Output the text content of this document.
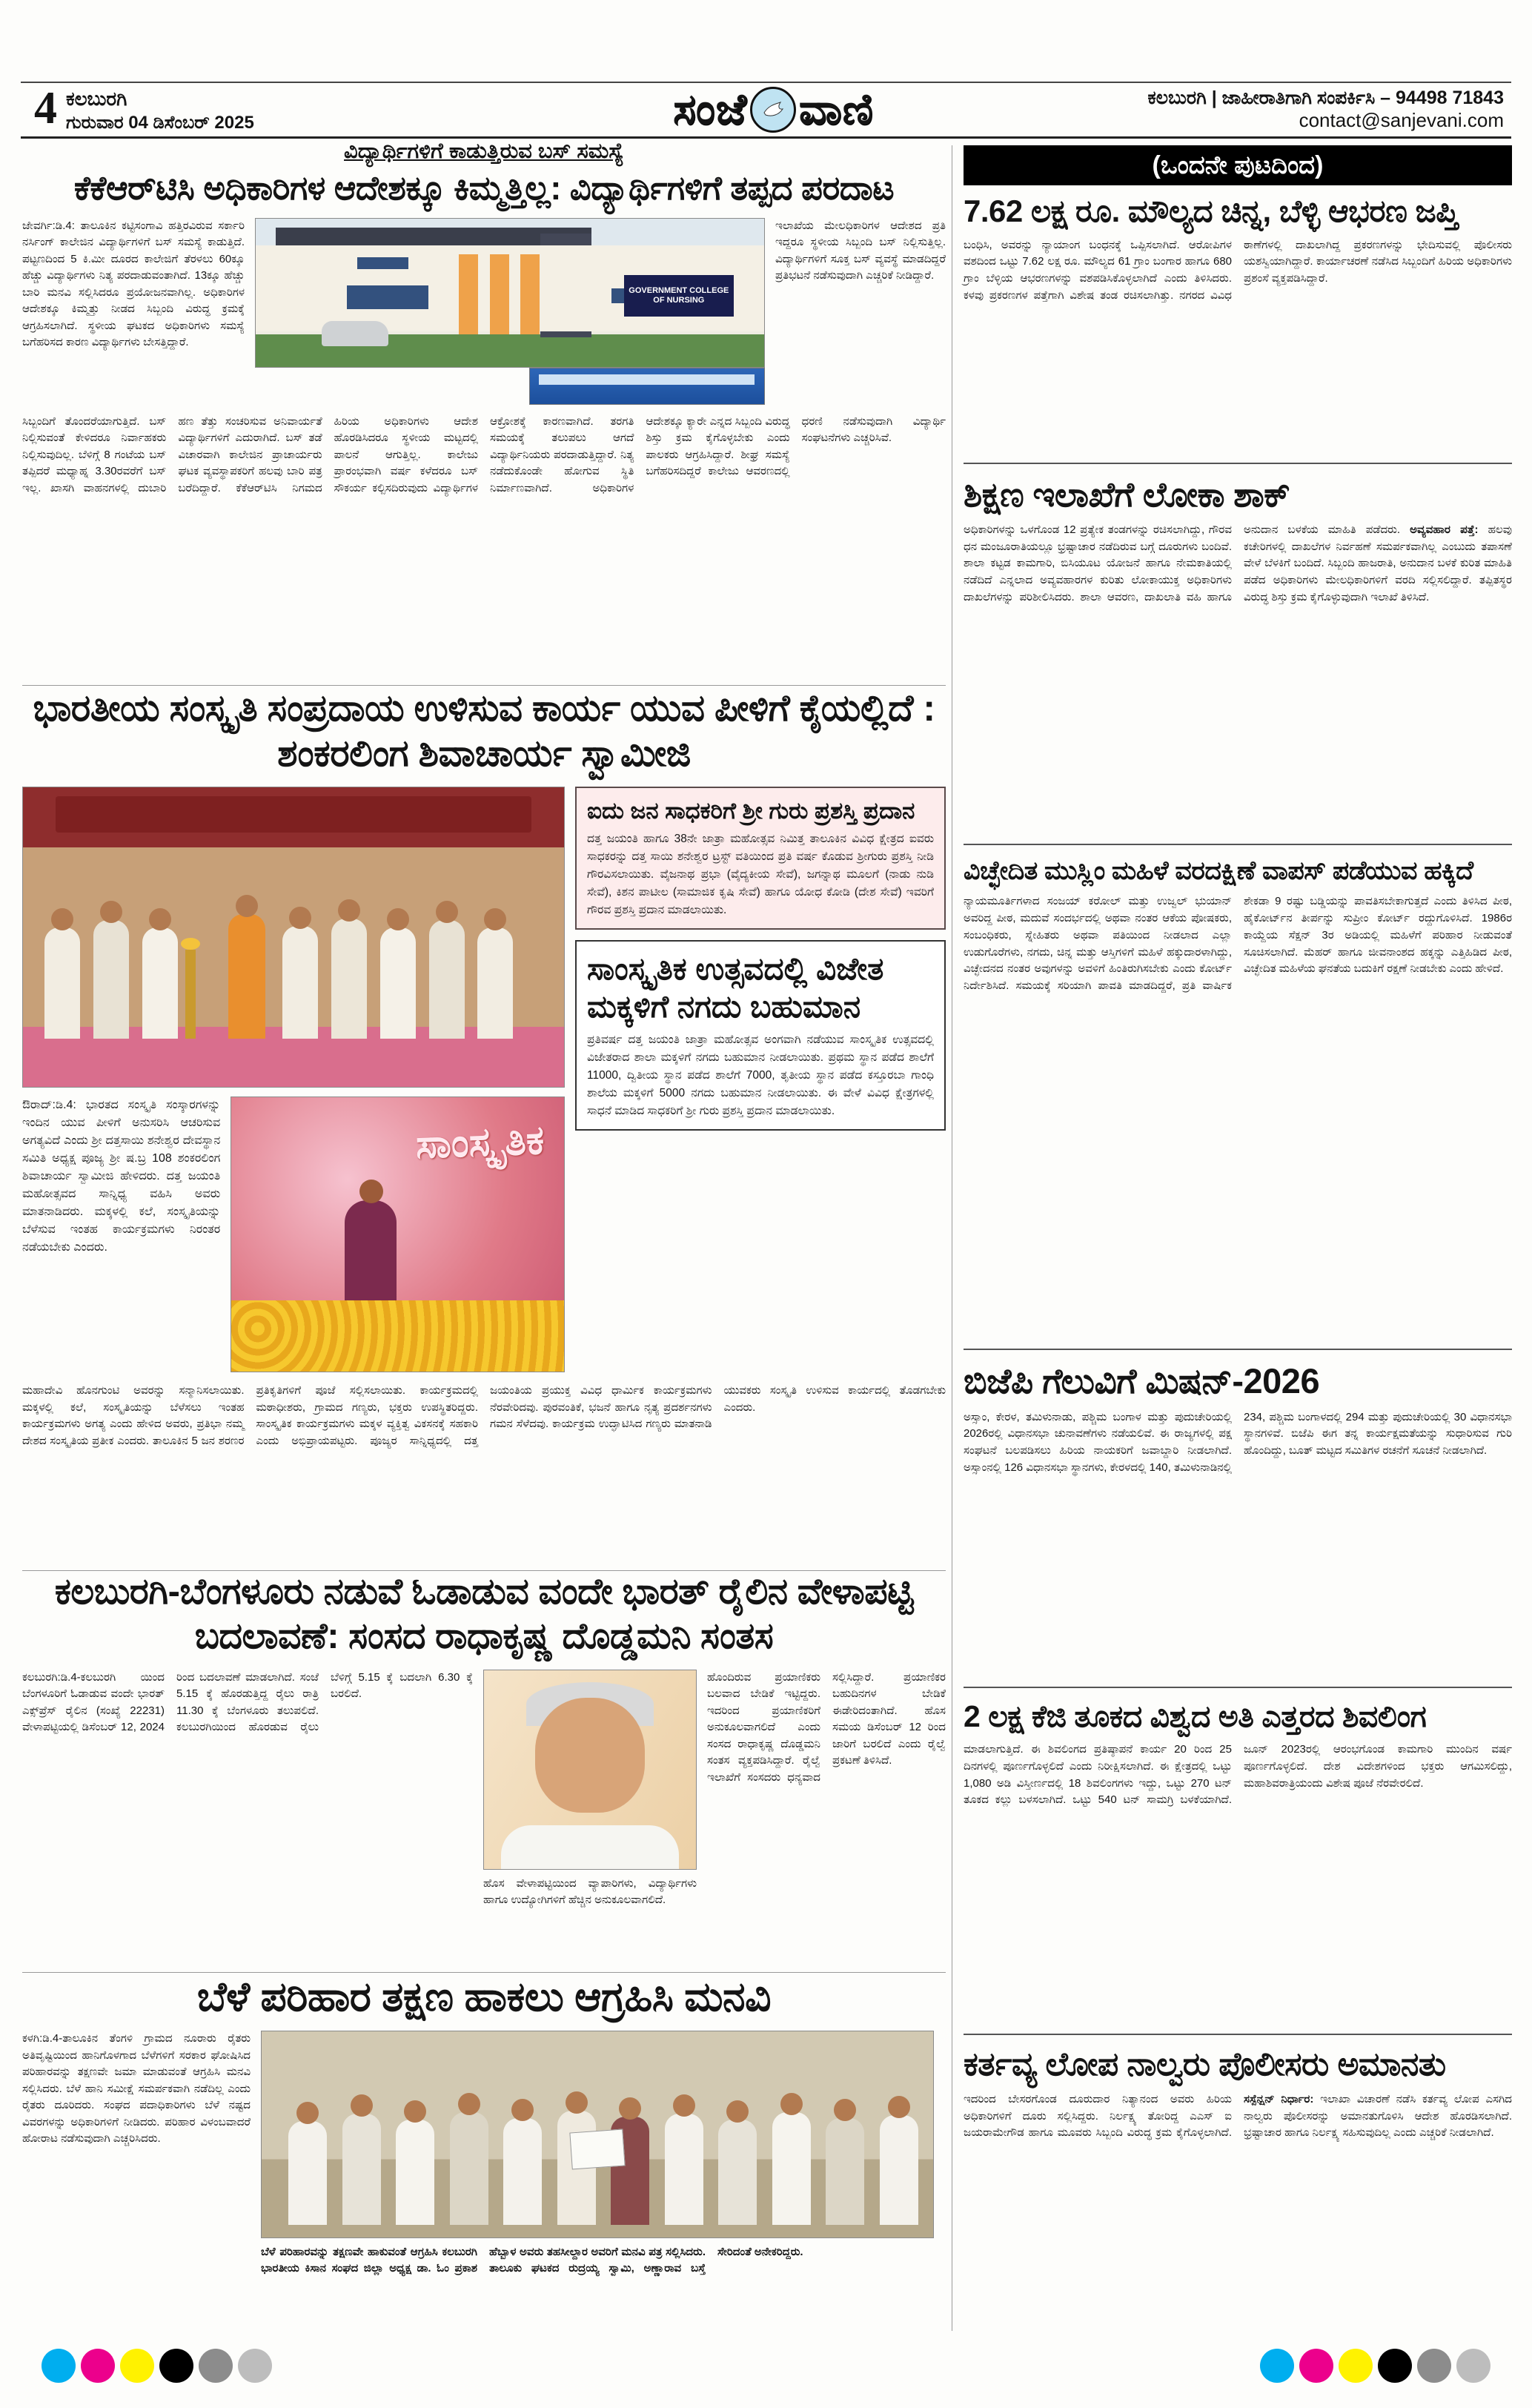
4 ಕಲಬುರಗಿ
ಗುರುವಾರ 04 ಡಿಸೆಂಬರ್ 2025	ಸಂಜೆ ವಾಣಿ	ಕಲಬುರಗಿ | ಜಾಹೀರಾತಿಗಾಗಿ ಸಂಪರ್ಕಿಸಿ – 94498 71843
contact@sanjevani.com
ವಿದ್ಯಾರ್ಥಿಗಳಿಗೆ ಕಾಡುತ್ತಿರುವ ಬಸ್ ಸಮಸ್ಯೆ
ಕೆಕೆಆರ್‌ಟಿಸಿ ಅಧಿಕಾರಿಗಳ ಆದೇಶಕ್ಕೂ ಕಿಮ್ಮತ್ತಿಲ್ಲ: ವಿದ್ಯಾರ್ಥಿಗಳಿಗೆ ತಪ್ಪದ ಪರದಾಟ
ಜೇವರ್ಗಿ:ಡಿ.4: ತಾಲೂಕಿನ ಕಟ್ಟಿಸಂಗಾವಿ ಹತ್ತಿರವಿರುವ ಸರ್ಕಾರಿ ನರ್ಸಿಂಗ್ ಕಾಲೇಜಿನ ವಿದ್ಯಾರ್ಥಿಗಳಿಗೆ ಬಸ್ ಸಮಸ್ಯೆ ಕಾಡುತ್ತಿದೆ. ಪಟ್ಟಣದಿಂದ 5 ಕಿ.ಮೀ ದೂರದ ಕಾಲೇಜಿಗೆ ತೆರಳಲು 60ಕ್ಕೂ ಹೆಚ್ಚು ವಿದ್ಯಾರ್ಥಿಗಳು ನಿತ್ಯ ಪರದಾಡುವಂತಾಗಿದೆ. 13ಕ್ಕೂ ಹೆಚ್ಚು ಬಾರಿ ಮನವಿ ಸಲ್ಲಿಸಿದರೂ ಪ್ರಯೋಜನವಾಗಿಲ್ಲ. ಅಧಿಕಾರಿಗಳ ಆದೇಶಕ್ಕೂ ಕಿಮ್ಮತ್ತು ನೀಡದ ಸಿಬ್ಬಂದಿ ವಿರುದ್ಧ ಕ್ರಮಕ್ಕೆ ಆಗ್ರಹಿಸಲಾಗಿದೆ. ಸ್ಥಳೀಯ ಘಟಕದ ಅಧಿಕಾರಿಗಳು ಸಮಸ್ಯೆ ಬಗೆಹರಿಸದ ಕಾರಣ ವಿದ್ಯಾರ್ಥಿಗಳು ಬೇಸತ್ತಿದ್ದಾರೆ.
GOVERNMENT COLLEGE OF NURSING
ಇಲಾಖೆಯ ಮೇಲಧಿಕಾರಿಗಳ ಆದೇಶದ ಪ್ರತಿ ಇದ್ದರೂ ಸ್ಥಳೀಯ ಸಿಬ್ಬಂದಿ ಬಸ್ ನಿಲ್ಲಿಸುತ್ತಿಲ್ಲ. ವಿದ್ಯಾರ್ಥಿಗಳಿಗೆ ಸೂಕ್ತ ಬಸ್ ವ್ಯವಸ್ಥೆ ಮಾಡದಿದ್ದರೆ ಪ್ರತಿಭಟನೆ ನಡೆಸುವುದಾಗಿ ಎಚ್ಚರಿಕೆ ನೀಡಿದ್ದಾರೆ.
ಸಿಬ್ಬಂದಿಗೆ ತೊಂದರೆಯಾಗುತ್ತಿದೆ. ಬಸ್ ನಿಲ್ಲಿಸುವಂತೆ ಕೇಳಿದರೂ ನಿರ್ವಾಹಕರು ನಿಲ್ಲಿಸುವುದಿಲ್ಲ. ಬೆಳಿಗ್ಗೆ 8 ಗಂಟೆಯ ಬಸ್ ತಪ್ಪಿದರೆ ಮಧ್ಯಾಹ್ನ 3.30ರವರೆಗೆ ಬಸ್ ಇಲ್ಲ. ಖಾಸಗಿ ವಾಹನಗಳಲ್ಲಿ ದುಬಾರಿ ಹಣ ತೆತ್ತು ಸಂಚರಿಸುವ ಅನಿವಾರ್ಯತೆ ವಿದ್ಯಾರ್ಥಿಗಳಿಗೆ ಎದುರಾಗಿದೆ. ಬಸ್ ತಡೆ ವಿಚಾರವಾಗಿ ಕಾಲೇಜಿನ ಪ್ರಾಚಾರ್ಯರು ಘಟಕ ವ್ಯವಸ್ಥಾಪಕರಿಗೆ ಹಲವು ಬಾರಿ ಪತ್ರ ಬರೆದಿದ್ದಾರೆ. ಕೆಕೆಆರ್‌ಟಿಸಿ ನಿಗಮದ ಹಿರಿಯ ಅಧಿಕಾರಿಗಳು ಆದೇಶ ಹೊರಡಿಸಿದರೂ ಸ್ಥಳೀಯ ಮಟ್ಟದಲ್ಲಿ ಪಾಲನೆ ಆಗುತ್ತಿಲ್ಲ. ಕಾಲೇಜು ಪ್ರಾರಂಭವಾಗಿ ವರ್ಷ ಕಳೆದರೂ ಬಸ್ ಸೌಕರ್ಯ ಕಲ್ಪಿಸದಿರುವುದು ವಿದ್ಯಾರ್ಥಿಗಳ ಆಕ್ರೋಶಕ್ಕೆ ಕಾರಣವಾಗಿದೆ. ತರಗತಿ ಸಮಯಕ್ಕೆ ತಲುಪಲು ಆಗದೆ ವಿದ್ಯಾರ್ಥಿನಿಯರು ಪರದಾಡುತ್ತಿದ್ದಾರೆ. ನಿತ್ಯ ನಡೆದುಕೊಂಡೇ ಹೋಗುವ ಸ್ಥಿತಿ ನಿರ್ಮಾಣವಾಗಿದೆ. ಅಧಿಕಾರಿಗಳ ಆದೇಶಕ್ಕೂ ಕ್ಯಾರೇ ಎನ್ನದ ಸಿಬ್ಬಂದಿ ವಿರುದ್ಧ ಶಿಸ್ತು ಕ್ರಮ ಕೈಗೊಳ್ಳಬೇಕು ಎಂದು ಪಾಲಕರು ಆಗ್ರಹಿಸಿದ್ದಾರೆ. ಶೀಘ್ರ ಸಮಸ್ಯೆ ಬಗೆಹರಿಸದಿದ್ದರೆ ಕಾಲೇಜು ಆವರಣದಲ್ಲಿ ಧರಣಿ ನಡೆಸುವುದಾಗಿ ವಿದ್ಯಾರ್ಥಿ ಸಂಘಟನೆಗಳು ಎಚ್ಚರಿಸಿವೆ.
ಭಾರತೀಯ ಸಂಸ್ಕೃತಿ ಸಂಪ್ರದಾಯ ಉಳಿಸುವ ಕಾರ್ಯ ಯುವ ಪೀಳಿಗೆ ಕೈಯಲ್ಲಿದೆ : ಶಂಕರಲಿಂಗ ಶಿವಾಚಾರ್ಯ ಸ್ವಾಮೀಜಿ
ಔರಾದ್:ಡಿ.4: ಭಾರತದ ಸಂಸ್ಕೃತಿ ಸಂಸ್ಕಾರಗಳನ್ನು ಇಂದಿನ ಯುವ ಪೀಳಿಗೆ ಅನುಸರಿಸಿ ಆಚರಿಸುವ ಅಗತ್ಯವಿದೆ ಎಂದು ಶ್ರೀ ದತ್ತಸಾಯಿ ಶನೇಶ್ವರ ದೇವಸ್ಥಾನ ಸಮಿತಿ ಅಧ್ಯಕ್ಷ ಪೂಜ್ಯ ಶ್ರೀ ಷ.ಬ್ರ 108 ಶಂಕರಲಿಂಗ ಶಿವಾಚಾರ್ಯ ಸ್ವಾಮೀಜಿ ಹೇಳಿದರು. ದತ್ತ ಜಯಂತಿ ಮಹೋತ್ಸವದ ಸಾನ್ನಿಧ್ಯ ವಹಿಸಿ ಅವರು ಮಾತನಾಡಿದರು. ಮಕ್ಕಳಲ್ಲಿ ಕಲೆ, ಸಂಸ್ಕೃತಿಯನ್ನು ಬೆಳೆಸುವ ಇಂತಹ ಕಾರ್ಯಕ್ರಮಗಳು ನಿರಂತರ ನಡೆಯಬೇಕು ಎಂದರು.
ಸಾಂಸ್ಕೃತಿಕ
ಐದು ಜನ ಸಾಧಕರಿಗೆ ಶ್ರೀ ಗುರು ಪ್ರಶಸ್ತಿ ಪ್ರದಾನ
ದತ್ತ ಜಯಂತಿ ಹಾಗೂ 38ನೇ ಜಾತ್ರಾ ಮಹೋತ್ಸವ ನಿಮಿತ್ತ ತಾಲೂಕಿನ ವಿವಿಧ ಕ್ಷೇತ್ರದ ಐವರು ಸಾಧಕರನ್ನು ದತ್ತ ಸಾಯಿ ಶನೇಶ್ವರ ಟ್ರಸ್ಟ್ ವತಿಯಿಂದ ಪ್ರತಿ ವರ್ಷ ಕೊಡುವ ಶ್ರೀಗುರು ಪ್ರಶಸ್ತಿ ನೀಡಿ ಗೌರವಿಸಲಾಯಿತು. ವೈಜನಾಥ ಪ್ರಭಾ (ವೈದ್ಯಕೀಯ ಸೇವೆ), ಜಗನ್ನಾಥ ಮೂಲಗೆ (ನಾಡು ನುಡಿ ಸೇವೆ), ಕಿಶನ ಪಾಟೀಲ (ಸಾಮಾಜಿಕ ಕೃಷಿ ಸೇವೆ) ಹಾಗೂ ಯೋಧ ಕೋಡಿ (ದೇಶ ಸೇವೆ) ಇವರಿಗೆ ಗೌರವ ಪ್ರಶಸ್ತಿ ಪ್ರದಾನ ಮಾಡಲಾಯಿತು.
ಸಾಂಸ್ಕೃತಿಕ ಉತ್ಸವದಲ್ಲಿ ವಿಜೇತ ಮಕ್ಕಳಿಗೆ ನಗದು ಬಹುಮಾನ
ಪ್ರತಿವರ್ಷ ದತ್ತ ಜಯಂತಿ ಜಾತ್ರಾ ಮಹೋತ್ಸವ ಅಂಗವಾಗಿ ನಡೆಯುವ ಸಾಂಸ್ಕೃತಿಕ ಉತ್ಸವದಲ್ಲಿ ವಿಜೇತರಾದ ಶಾಲಾ ಮಕ್ಕಳಿಗೆ ನಗದು ಬಹುಮಾನ ನೀಡಲಾಯಿತು. ಪ್ರಥಮ ಸ್ಥಾನ ಪಡೆದ ಶಾಲೆಗೆ 11000, ದ್ವಿತೀಯ ಸ್ಥಾನ ಪಡೆದ ಶಾಲೆಗೆ 7000, ತೃತೀಯ ಸ್ಥಾನ ಪಡೆದ ಕಸ್ತೂರಬಾ ಗಾಂಧಿ ಶಾಲೆಯ ಮಕ್ಕಳಿಗೆ 5000 ನಗದು ಬಹುಮಾನ ನೀಡಲಾಯಿತು. ಈ ವೇಳೆ ವಿವಿಧ ಕ್ಷೇತ್ರಗಳಲ್ಲಿ ಸಾಧನೆ ಮಾಡಿದ ಸಾಧಕರಿಗೆ ಶ್ರೀ ಗುರು ಪ್ರಶಸ್ತಿ ಪ್ರದಾನ ಮಾಡಲಾಯಿತು.
ಮಹಾದೇವಿ ಹೊನಗುಂಟಿ ಅವರನ್ನು ಸನ್ಮಾನಿಸಲಾಯಿತು. ಮಕ್ಕಳಲ್ಲಿ ಕಲೆ, ಸಂಸ್ಕೃತಿಯನ್ನು ಬೆಳೆಸಲು ಇಂತಹ ಕಾರ್ಯಕ್ರಮಗಳು ಅಗತ್ಯ ಎಂದು ಹೇಳಿದ ಅವರು, ಪ್ರತಿಭಾ ನಮ್ಮ ದೇಶದ ಸಂಸ್ಕೃತಿಯ ಪ್ರತೀಕ ಎಂದರು. ತಾಲೂಕಿನ 5 ಜನ ಶರಣರ ಪ್ರತಿಕೃತಿಗಳಿಗೆ ಪೂಜೆ ಸಲ್ಲಿಸಲಾಯಿತು. ಕಾರ್ಯಕ್ರಮದಲ್ಲಿ ಮಠಾಧೀಶರು, ಗ್ರಾಮದ ಗಣ್ಯರು, ಭಕ್ತರು ಉಪಸ್ಥಿತರಿದ್ದರು. ಸಾಂಸ್ಕೃತಿಕ ಕಾರ್ಯಕ್ರಮಗಳು ಮಕ್ಕಳ ವ್ಯಕ್ತಿತ್ವ ವಿಕಸನಕ್ಕೆ ಸಹಕಾರಿ ಎಂದು ಅಭಿಪ್ರಾಯಪಟ್ಟರು. ಪೂಜ್ಯರ ಸಾನ್ನಿಧ್ಯದಲ್ಲಿ ದತ್ತ ಜಯಂತಿಯ ಪ್ರಯುಕ್ತ ವಿವಿಧ ಧಾರ್ಮಿಕ ಕಾರ್ಯಕ್ರಮಗಳು ನೆರವೇರಿದವು. ಪುರವಂತಿಕೆ, ಭಜನೆ ಹಾಗೂ ನೃತ್ಯ ಪ್ರದರ್ಶನಗಳು ಗಮನ ಸೆಳೆದವು. ಕಾರ್ಯಕ್ರಮ ಉದ್ಘಾಟಿಸಿದ ಗಣ್ಯರು ಮಾತನಾಡಿ ಯುವಕರು ಸಂಸ್ಕೃತಿ ಉಳಿಸುವ ಕಾರ್ಯದಲ್ಲಿ ತೊಡಗಬೇಕು ಎಂದರು.
ಕಲಬುರಗಿ-ಬೆಂಗಳೂರು ನಡುವೆ ಓಡಾಡುವ ವಂದೇ ಭಾರತ್ ರೈಲಿನ ವೇಳಾಪಟ್ಟಿ ಬದಲಾವಣೆ: ಸಂಸದ ರಾಧಾಕೃಷ್ಣ ದೊಡ್ಡಮನಿ ಸಂತಸ
ಕಲಬುರಗಿ:ಡಿ.4-ಕಲಬುರಗಿ ಯಿಂದ ಬೆಂಗಳೂರಿಗೆ ಓಡಾಡುವ ವಂದೇ ಭಾರತ್ ಎಕ್ಸ್‌ಪ್ರೆಸ್ ರೈಲಿನ (ಸಂಖ್ಯೆ 22231) ವೇಳಾಪಟ್ಟಿಯಲ್ಲಿ ಡಿಸೆಂಬರ್ 12, 2024 ರಿಂದ ಬದಲಾವಣೆ ಮಾಡಲಾಗಿದೆ. ಸಂಜೆ 5.15 ಕ್ಕೆ ಹೊರಡುತ್ತಿದ್ದ ರೈಲು ರಾತ್ರಿ 11.30 ಕ್ಕೆ ಬೆಂಗಳೂರು ತಲುಪಲಿದೆ. ಕಲಬುರಗಿಯಿಂದ ಹೊರಡುವ ರೈಲು ಬೆಳಿಗ್ಗೆ 5.15 ಕ್ಕೆ ಬದಲಾಗಿ 6.30 ಕ್ಕೆ ಬರಲಿದೆ.
ಹೊಸ ವೇಳಾಪಟ್ಟಿಯಿಂದ ವ್ಯಾಪಾರಿಗಳು, ವಿದ್ಯಾರ್ಥಿಗಳು ಹಾಗೂ ಉದ್ಯೋಗಿಗಳಿಗೆ ಹೆಚ್ಚಿನ ಅನುಕೂಲವಾಗಲಿದೆ.
ಹೊಂದಿರುವ ಪ್ರಯಾಣಿಕರು ಬಲವಾದ ಬೇಡಿಕೆ ಇಟ್ಟಿದ್ದರು. ಇದರಿಂದ ಪ್ರಯಾಣಿಕರಿಗೆ ಅನುಕೂಲವಾಗಲಿದೆ ಎಂದು ಸಂಸದ ರಾಧಾಕೃಷ್ಣ ದೊಡ್ಡಮನಿ ಸಂತಸ ವ್ಯಕ್ತಪಡಿಸಿದ್ದಾರೆ. ರೈಲ್ವೆ ಇಲಾಖೆಗೆ ಸಂಸದರು ಧನ್ಯವಾದ ಸಲ್ಲಿಸಿದ್ದಾರೆ. ಪ್ರಯಾಣಿಕರ ಬಹುದಿನಗಳ ಬೇಡಿಕೆ ಈಡೇರಿದಂತಾಗಿದೆ. ಹೊಸ ಸಮಯ ಡಿಸೆಂಬರ್ 12 ರಿಂದ ಜಾರಿಗೆ ಬರಲಿದೆ ಎಂದು ರೈಲ್ವೆ ಪ್ರಕಟಣೆ ತಿಳಿಸಿದೆ.
ಬೆಳೆ ಪರಿಹಾರ ತಕ್ಷಣ ಹಾಕಲು ಆಗ್ರಹಿಸಿ ಮನವಿ
ಕಳಗಿ:ಡಿ.4-ತಾಲೂಕಿನ ತೆಂಗಳಿ ಗ್ರಾಮದ ನೂರಾರು ರೈತರು ಅತಿವೃಷ್ಟಿಯಿಂದ ಹಾನಿಗೊಳಗಾದ ಬೆಳೆಗಳಿಗೆ ಸರಕಾರ ಘೋಷಿಸಿದ ಪರಿಹಾರವನ್ನು ತಕ್ಷಣವೇ ಜಮಾ ಮಾಡುವಂತೆ ಆಗ್ರಹಿಸಿ ಮನವಿ ಸಲ್ಲಿಸಿದರು. ಬೆಳೆ ಹಾನಿ ಸಮೀಕ್ಷೆ ಸಮರ್ಪಕವಾಗಿ ನಡೆದಿಲ್ಲ ಎಂದು ರೈತರು ದೂರಿದರು. ಸಂಘದ ಪದಾಧಿಕಾರಿಗಳು ಬೆಳೆ ನಷ್ಟದ ವಿವರಗಳನ್ನು ಅಧಿಕಾರಿಗಳಿಗೆ ನೀಡಿದರು. ಪರಿಹಾರ ವಿಳಂಬವಾದರೆ ಹೋರಾಟ ನಡೆಸುವುದಾಗಿ ಎಚ್ಚರಿಸಿದರು.
ಬೆಳೆ ಪರಿಹಾರವನ್ನು ತಕ್ಷಣವೇ ಹಾಕುವಂತೆ ಆಗ್ರಹಿಸಿ ಕಲಬುರಗಿ ಭಾರತೀಯ ಕಿಸಾನ ಸಂಘದ ಜಿಲ್ಲಾ ಅಧ್ಯಕ್ಷ ಡಾ. ಓಂ ಪ್ರಕಾಶ ಹೆಬ್ಬಾಳ ಅವರು ತಹಸೀಲ್ದಾರ ಅವರಿಗೆ ಮನವಿ ಪತ್ರ ಸಲ್ಲಿಸಿದರು. ತಾಲೂಕು ಘಟಕದ ರುದ್ರಯ್ಯ ಸ್ವಾಮಿ, ಅಣ್ಣಾರಾವ ಬಸ್ತೆ ಸೇರಿದಂತೆ ಅನೇಕರಿದ್ದರು.
(ಒಂದನೇ ಪುಟದಿಂದ)
7.62 ಲಕ್ಷ ರೂ. ಮೌಲ್ಯದ ಚಿನ್ನ, ಬೆಳ್ಳಿ ಆಭರಣ ಜಪ್ತಿ
ಬಂಧಿಸಿ, ಅವರನ್ನು ನ್ಯಾಯಾಂಗ ಬಂಧನಕ್ಕೆ ಒಪ್ಪಿಸಲಾಗಿದೆ. ಆರೋಪಿಗಳ ವಶದಿಂದ ಒಟ್ಟು 7.62 ಲಕ್ಷ ರೂ. ಮೌಲ್ಯದ 61 ಗ್ರಾಂ ಬಂಗಾರ ಹಾಗೂ 680 ಗ್ರಾಂ ಬೆಳ್ಳಿಯ ಆಭರಣಗಳನ್ನು ವಶಪಡಿಸಿಕೊಳ್ಳಲಾಗಿದೆ ಎಂದು ತಿಳಿಸಿದರು. ಕಳವು ಪ್ರಕರಣಗಳ ಪತ್ತೆಗಾಗಿ ವಿಶೇಷ ತಂಡ ರಚಿಸಲಾಗಿತ್ತು. ನಗರದ ವಿವಿಧ ಠಾಣೆಗಳಲ್ಲಿ ದಾಖಲಾಗಿದ್ದ ಪ್ರಕರಣಗಳನ್ನು ಭೇದಿಸುವಲ್ಲಿ ಪೊಲೀಸರು ಯಶಸ್ವಿಯಾಗಿದ್ದಾರೆ. ಕಾರ್ಯಾಚರಣೆ ನಡೆಸಿದ ಸಿಬ್ಬಂದಿಗೆ ಹಿರಿಯ ಅಧಿಕಾರಿಗಳು ಪ್ರಶಂಸೆ ವ್ಯಕ್ತಪಡಿಸಿದ್ದಾರೆ.
ಶಿಕ್ಷಣ ಇಲಾಖೆಗೆ ಲೋಕಾ ಶಾಕ್
ಅಧಿಕಾರಿಗಳನ್ನು ಒಳಗೊಂಡ 12 ಪ್ರತ್ಯೇಕ ತಂಡಗಳನ್ನು ರಚಿಸಲಾಗಿದ್ದು, ಗೌರವ ಧನ ಮಂಜೂರಾತಿಯಲ್ಲೂ ಭ್ರಷ್ಟಾಚಾರ ನಡೆದಿರುವ ಬಗ್ಗೆ ದೂರುಗಳು ಬಂದಿವೆ. ಶಾಲಾ ಕಟ್ಟಡ ಕಾಮಗಾರಿ, ಬಿಸಿಯೂಟ ಯೋಜನೆ ಹಾಗೂ ನೇಮಕಾತಿಯಲ್ಲಿ ನಡೆದಿದೆ ಎನ್ನಲಾದ ಅವ್ಯವಹಾರಗಳ ಕುರಿತು ಲೋಕಾಯುಕ್ತ ಅಧಿಕಾರಿಗಳು ದಾಖಲೆಗಳನ್ನು ಪರಿಶೀಲಿಸಿದರು. ಶಾಲಾ ಆವರಣ, ದಾಖಲಾತಿ ವಹಿ ಹಾಗೂ ಅನುದಾನ ಬಳಕೆಯ ಮಾಹಿತಿ ಪಡೆದರು. ಅವ್ಯವಹಾರ ಪತ್ತೆ: ಹಲವು ಕಚೇರಿಗಳಲ್ಲಿ ದಾಖಲೆಗಳ ನಿರ್ವಹಣೆ ಸಮರ್ಪಕವಾಗಿಲ್ಲ ಎಂಬುದು ತಪಾಸಣೆ ವೇಳೆ ಬೆಳಕಿಗೆ ಬಂದಿದೆ. ಸಿಬ್ಬಂದಿ ಹಾಜರಾತಿ, ಅನುದಾನ ಬಳಕೆ ಕುರಿತ ಮಾಹಿತಿ ಪಡೆದ ಅಧಿಕಾರಿಗಳು ಮೇಲಧಿಕಾರಿಗಳಿಗೆ ವರದಿ ಸಲ್ಲಿಸಲಿದ್ದಾರೆ. ತಪ್ಪಿತಸ್ಥರ ವಿರುದ್ಧ ಶಿಸ್ತು ಕ್ರಮ ಕೈಗೊಳ್ಳುವುದಾಗಿ ಇಲಾಖೆ ತಿಳಿಸಿದೆ.
ವಿಚ್ಛೇದಿತ ಮುಸ್ಲಿಂ ಮಹಿಳೆ ವರದಕ್ಷಿಣೆ ವಾಪಸ್ ಪಡೆಯುವ ಹಕ್ಕಿದೆ
ನ್ಯಾಯಮೂರ್ತಿಗಳಾದ ಸಂಜಯ್ ಕರೋಲ್ ಮತ್ತು ಉಜ್ವಲ್ ಭುಯಾನ್ ಅವರಿದ್ದ ಪೀಠ, ಮದುವೆ ಸಂದರ್ಭದಲ್ಲಿ ಅಥವಾ ನಂತರ ಆಕೆಯ ಪೋಷಕರು, ಸಂಬಂಧಿಕರು, ಸ್ನೇಹಿತರು ಅಥವಾ ಪತಿಯಿಂದ ನೀಡಲಾದ ಎಲ್ಲಾ ಉಡುಗೊರೆಗಳು, ನಗದು, ಚಿನ್ನ ಮತ್ತು ಆಸ್ತಿಗಳಿಗೆ ಮಹಿಳೆ ಹಕ್ಕುದಾರಳಾಗಿದ್ದು, ವಿಚ್ಛೇದನದ ನಂತರ ಅವುಗಳನ್ನು ಅವಳಿಗೆ ಹಿಂತಿರುಗಿಸಬೇಕು ಎಂದು ಕೋರ್ಟ್ ನಿರ್ದೇಶಿಸಿದೆ. ಸಮಯಕ್ಕೆ ಸರಿಯಾಗಿ ಪಾವತಿ ಮಾಡದಿದ್ದರೆ, ಪ್ರತಿ ವಾರ್ಷಿಕ ಶೇಕಡಾ 9 ರಷ್ಟು ಬಡ್ಡಿಯನ್ನು ಪಾವತಿಸಬೇಕಾಗುತ್ತದೆ ಎಂದು ತಿಳಿಸಿದ ಪೀಠ, ಹೈಕೋರ್ಟ್‌ನ ತೀರ್ಪನ್ನು ಸುಪ್ರೀಂ ಕೋರ್ಟ್ ರದ್ದುಗೊಳಿಸಿದೆ. 1986ರ ಕಾಯ್ದೆಯ ಸೆಕ್ಷನ್ 3ರ ಅಡಿಯಲ್ಲಿ ಮಹಿಳೆಗೆ ಪರಿಹಾರ ನೀಡುವಂತೆ ಸೂಚಿಸಲಾಗಿದೆ. ಮೆಹರ್ ಹಾಗೂ ಜೀವನಾಂಶದ ಹಕ್ಕನ್ನು ಎತ್ತಿಹಿಡಿದ ಪೀಠ, ವಿಚ್ಛೇದಿತ ಮಹಿಳೆಯ ಘನತೆಯ ಬದುಕಿಗೆ ರಕ್ಷಣೆ ನೀಡಬೇಕು ಎಂದು ಹೇಳಿದೆ.
ಬಿಜೆಪಿ ಗೆಲುವಿಗೆ ಮಿಷನ್-2026
ಅಸ್ಸಾಂ, ಕೇರಳ, ತಮಿಳುನಾಡು, ಪಶ್ಚಿಮ ಬಂಗಾಳ ಮತ್ತು ಪುದುಚೇರಿಯಲ್ಲಿ 2026ರಲ್ಲಿ ವಿಧಾನಸಭಾ ಚುನಾವಣೆಗಳು ನಡೆಯಲಿವೆ. ಈ ರಾಜ್ಯಗಳಲ್ಲಿ ಪಕ್ಷ ಸಂಘಟನೆ ಬಲಪಡಿಸಲು ಹಿರಿಯ ನಾಯಕರಿಗೆ ಜವಾಬ್ದಾರಿ ನೀಡಲಾಗಿದೆ. ಅಸ್ಸಾಂನಲ್ಲಿ 126 ವಿಧಾನಸಭಾ ಸ್ಥಾನಗಳು, ಕೇರಳದಲ್ಲಿ 140, ತಮಿಳುನಾಡಿನಲ್ಲಿ 234, ಪಶ್ಚಿಮ ಬಂಗಾಳದಲ್ಲಿ 294 ಮತ್ತು ಪುದುಚೇರಿಯಲ್ಲಿ 30 ವಿಧಾನಸಭಾ ಸ್ಥಾನಗಳಿವೆ. ಬಿಜೆಪಿ ಈಗ ತನ್ನ ಕಾರ್ಯಕ್ಷಮತೆಯನ್ನು ಸುಧಾರಿಸುವ ಗುರಿ ಹೊಂದಿದ್ದು, ಬೂತ್ ಮಟ್ಟದ ಸಮಿತಿಗಳ ರಚನೆಗೆ ಸೂಚನೆ ನೀಡಲಾಗಿದೆ.
2 ಲಕ್ಷ ಕೆಜಿ ತೂಕದ ವಿಶ್ವದ ಅತಿ ಎತ್ತರದ ಶಿವಲಿಂಗ
ಮಾಡಲಾಗುತ್ತಿದೆ. ಈ ಶಿವಲಿಂಗದ ಪ್ರತಿಷ್ಠಾಪನೆ ಕಾರ್ಯ 20 ರಿಂದ 25 ದಿನಗಳಲ್ಲಿ ಪೂರ್ಣಗೊಳ್ಳಲಿದೆ ಎಂದು ನಿರೀಕ್ಷಿಸಲಾಗಿದೆ. ಈ ಕ್ಷೇತ್ರದಲ್ಲಿ ಒಟ್ಟು 1,080 ಅಡಿ ವಿಸ್ತೀರ್ಣದಲ್ಲಿ 18 ಶಿವಲಿಂಗಗಳು ಇದ್ದು, ಒಟ್ಟು 270 ಟನ್ ತೂಕದ ಕಲ್ಲು ಬಳಸಲಾಗಿದೆ. ಒಟ್ಟು 540 ಟನ್ ಸಾಮಗ್ರಿ ಬಳಕೆಯಾಗಿದೆ. ಜೂನ್ 2023ರಲ್ಲಿ ಆರಂಭಗೊಂಡ ಕಾಮಗಾರಿ ಮುಂದಿನ ವರ್ಷ ಪೂರ್ಣಗೊಳ್ಳಲಿದೆ. ದೇಶ ವಿದೇಶಗಳಿಂದ ಭಕ್ತರು ಆಗಮಿಸಲಿದ್ದು, ಮಹಾಶಿವರಾತ್ರಿಯಂದು ವಿಶೇಷ ಪೂಜೆ ನೆರವೇರಲಿದೆ.
ಕರ್ತವ್ಯ ಲೋಪ ನಾಲ್ವರು ಪೊಲೀಸರು ಅಮಾನತು
ಇದರಿಂದ ಬೇಸರಗೊಂಡ ದೂರುದಾರ ನಿತ್ಯಾನಂದ ಅವರು ಹಿರಿಯ ಅಧಿಕಾರಿಗಳಿಗೆ ದೂರು ಸಲ್ಲಿಸಿದ್ದರು. ನಿರ್ಲಕ್ಷ್ಯ ತೋರಿದ್ದ ಎಎಸ್ ಐ ಜಯರಾಮೇಗೌಡ ಹಾಗೂ ಮೂವರು ಸಿಬ್ಬಂದಿ ವಿರುದ್ಧ ಕ್ರಮ ಕೈಗೊಳ್ಳಲಾಗಿದೆ. ಸಸ್ಪೆನ್ಷನ್ ನಿರ್ಧಾರ: ಇಲಾಖಾ ವಿಚಾರಣೆ ನಡೆಸಿ ಕರ್ತವ್ಯ ಲೋಪ ಎಸಗಿದ ನಾಲ್ವರು ಪೊಲೀಸರನ್ನು ಅಮಾನತುಗೊಳಿಸಿ ಆದೇಶ ಹೊರಡಿಸಲಾಗಿದೆ. ಭ್ರಷ್ಟಾಚಾರ ಹಾಗೂ ನಿರ್ಲಕ್ಷ್ಯ ಸಹಿಸುವುದಿಲ್ಲ ಎಂದು ಎಚ್ಚರಿಕೆ ನೀಡಲಾಗಿದೆ.
